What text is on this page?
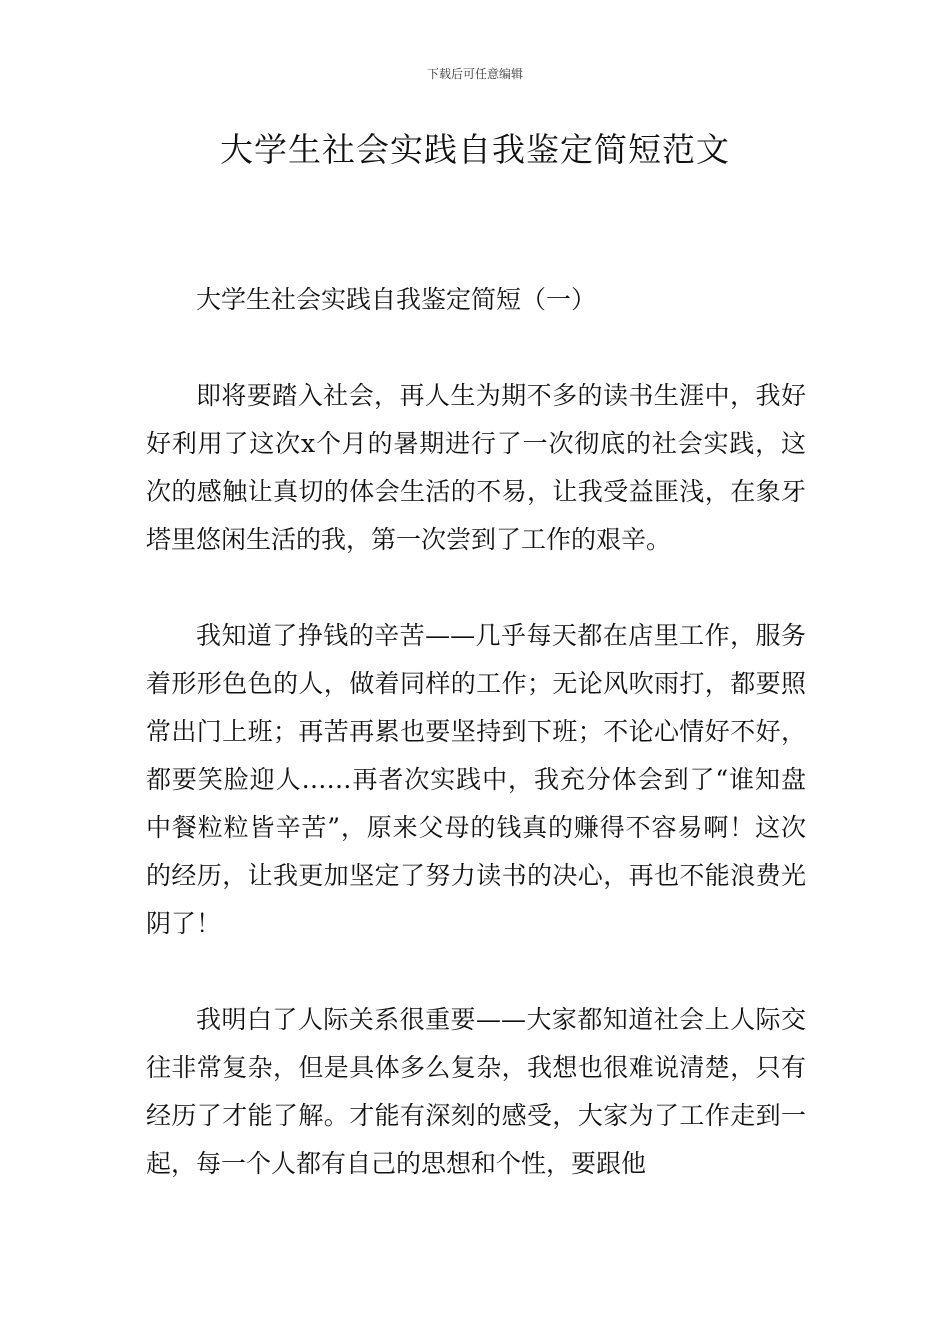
下载后可任意编辑
大学生社会实践自我鉴定简短范文

大学生社会实践自我鉴定简短（一）

即将要踏入社会，再人生为期不多的读书生涯中，我好好利用了这次x个月的暑期进行了一次彻底的社会实践，这次的感触让真切的体会生活的不易，让我受益匪浅，在象牙塔里悠闲生活的我，第一次尝到了工作的艰辛。

我知道了挣钱的辛苦——几乎每天都在店里工作，服务着形形色色的人，做着同样的工作；无论风吹雨打，都要照常出门上班；再苦再累也要坚持到下班；不论心情好不好，都要笑脸迎人……再者次实践中，我充分体会到了“谁知盘中餐粒粒皆辛苦”，原来父母的钱真的赚得不容易啊！这次的经历，让我更加坚定了努力读书的决心，再也不能浪费光阴了！

我明白了人际关系很重要——大家都知道社会上人际交往非常复杂，但是具体多么复杂，我想也很难说清楚，只有经历了才能了解。才能有深刻的感受，大家为了工作走到一起，每一个人都有自己的思想和个性，要跟他
